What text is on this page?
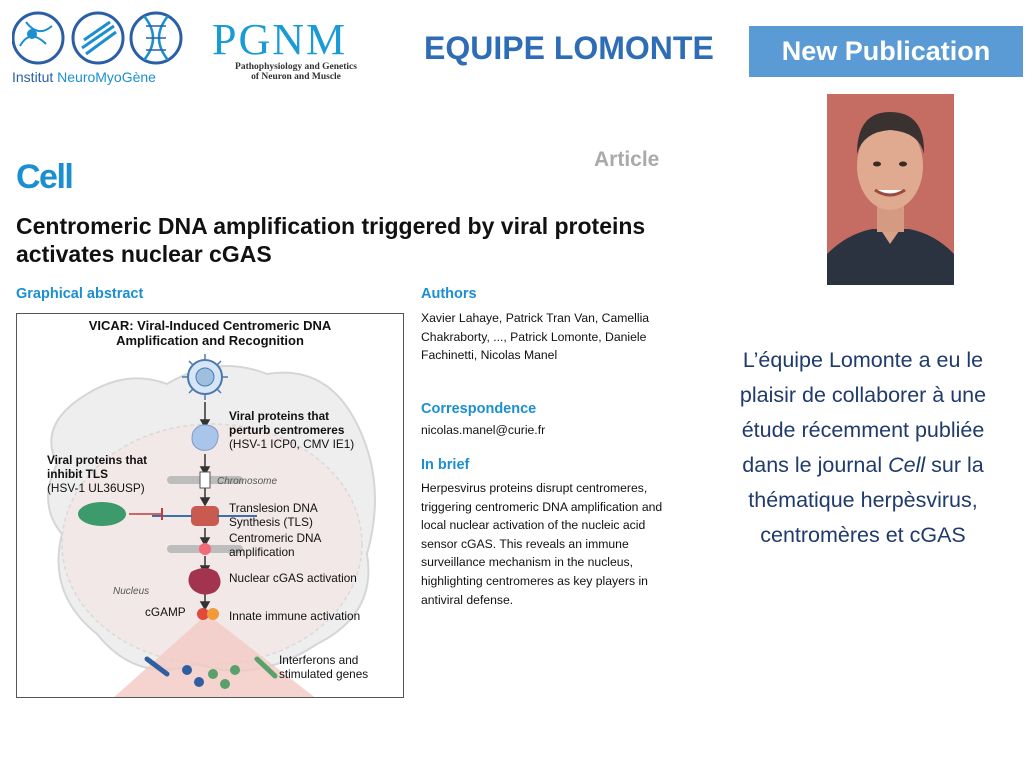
Institut NeuroMyoGène
PGNM
Pathophysiology and Genetics
of Neuron and Muscle
EQUIPE LOMONTE	New Publication
Cell	Article
Centromeric DNA amplification triggered by viral proteins activates nuclear cGAS
Graphical abstract	Authors
Xavier Lahaye, Patrick Tran Van, Camellia Chakraborty, ..., Patrick Lomonte, Daniele Fachinetti, Nicolas Manel
Correspondence
nicolas.manel@curie.fr
In brief
Herpesvirus proteins disrupt centromeres, triggering centromeric DNA amplification and local nuclear activation of the nucleic acid sensor cGAS. This reveals an immune surveillance mechanism in the nucleus, highlighting centromeres as key players in antiviral defense.
VICAR: Viral-Induced Centromeric DNA
Amplification and Recognition
Viral proteins that
perturb centromeres
(HSV-1 ICP0, CMV IE1)
Viral proteins that
inhibit TLS
(HSV-1 UL36USP)	Chromosome
Translesion DNA
Synthesis (TLS)
Centromeric DNA
amplification
Nuclear cGAS activation
Nucleus
cGAMP	Innate immune activation
Interferons and
stimulated genes
L’équipe Lomonte a eu le
plaisir de collaborer à une
étude récemment publiée
dans le journal Cell sur la
thématique herpèsvirus,
centromères et cGAS
